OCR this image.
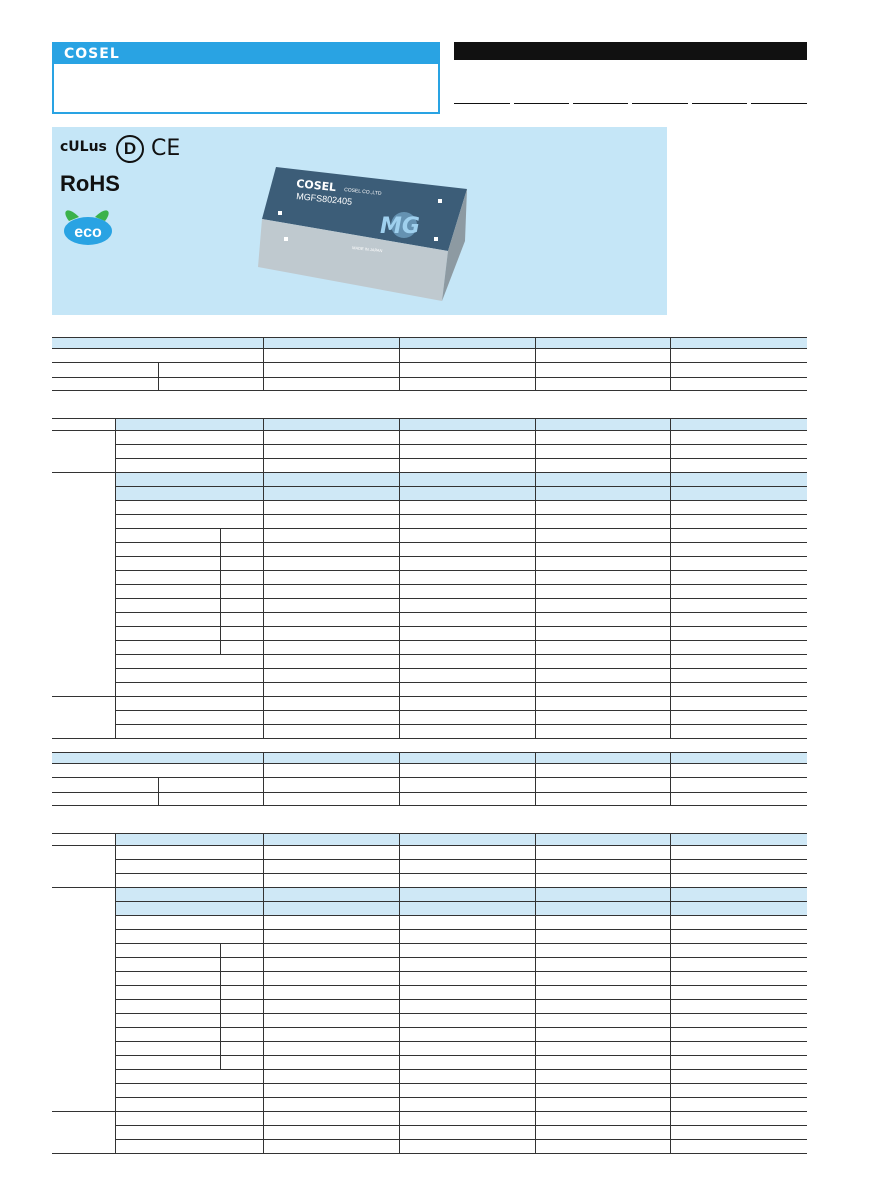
COSEL
cULus D CE
RoHS
eco
COSEL COSEL CO.,LTD
MGFS802405
MG
MADE IN JAPAN
